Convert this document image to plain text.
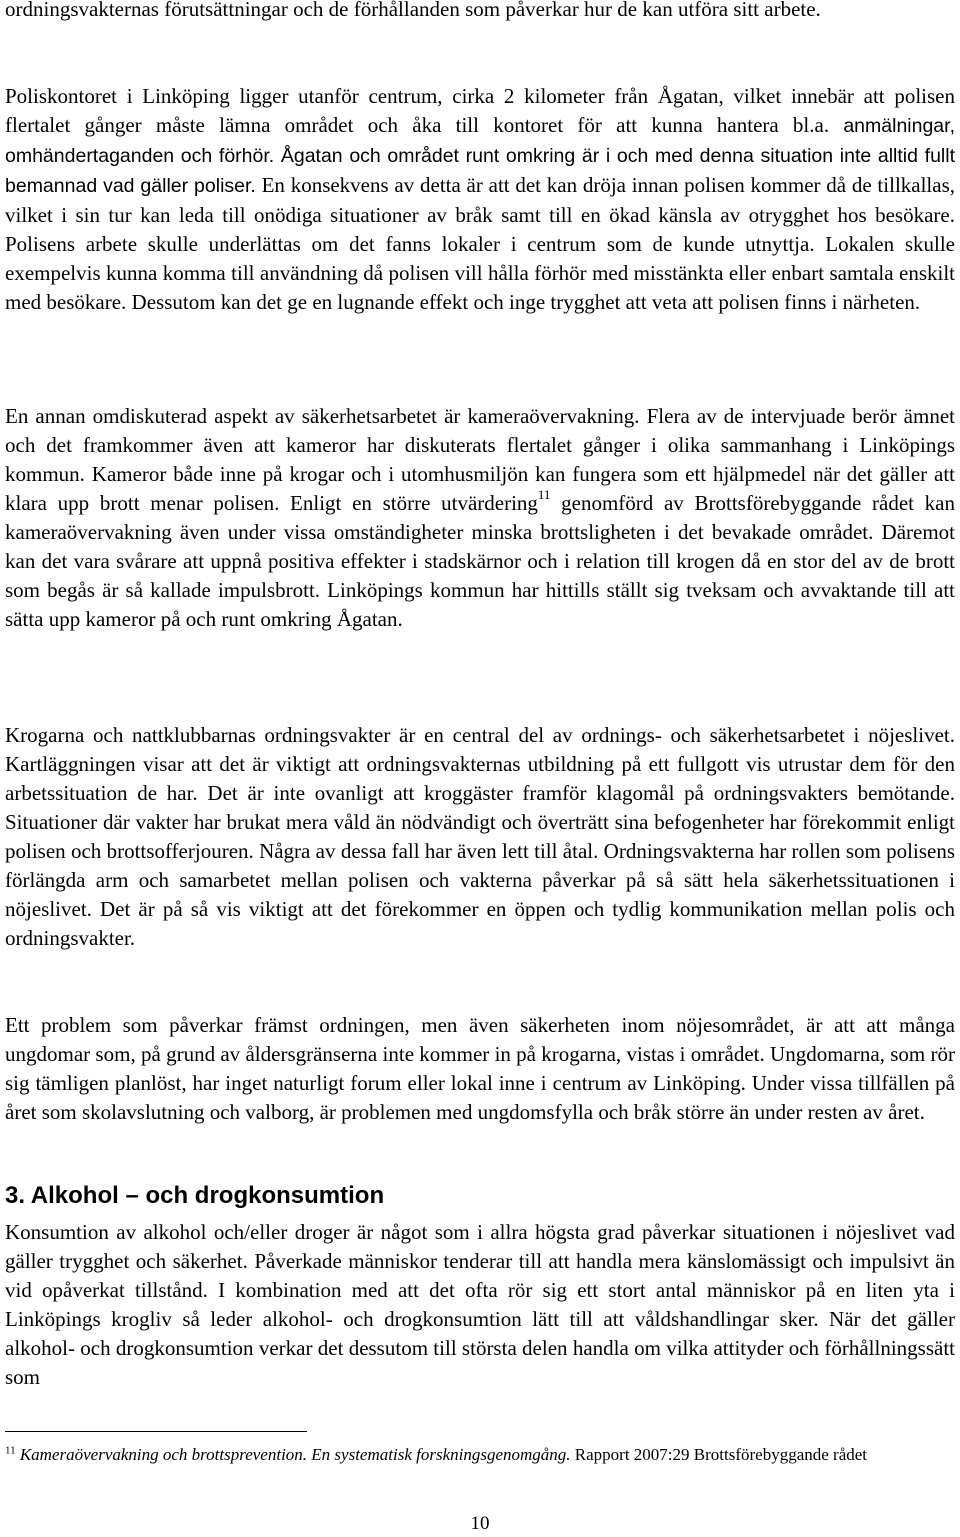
ordningsvakternas förutsättningar och de förhållanden som påverkar hur de kan utföra sitt arbete.

Poliskontoret i Linköping ligger utanför centrum, cirka 2 kilometer från Ågatan, vilket innebär att polisen flertalet gånger måste lämna området och åka till kontoret för att kunna hantera bl.a. anmälningar, omhändertaganden och förhör. Ågatan och området runt omkring är i och med denna situation inte alltid fullt bemannad vad gäller poliser. En konsekvens av detta är att det kan dröja innan polisen kommer då de tillkallas, vilket i sin tur kan leda till onödiga situationer av bråk samt till en ökad känsla av otrygghet hos besökare. Polisens arbete skulle underlättas om det fanns lokaler i centrum som de kunde utnyttja. Lokalen skulle exempelvis kunna komma till användning då polisen vill hålla förhör med misstänkta eller enbart samtala enskilt med besökare. Dessutom kan det ge en lugnande effekt och inge trygghet att veta att polisen finns i närheten.

En annan omdiskuterad aspekt av säkerhetsarbetet är kameraövervakning. Flera av de intervjuade berör ämnet och det framkommer även att kameror har diskuterats flertalet gånger i olika sammanhang i Linköpings kommun. Kameror både inne på krogar och i utomhusmiljön kan fungera som ett hjälpmedel när det gäller att klara upp brott menar polisen. Enligt en större utvärdering$^{11}$ genomförd av Brottsförebyggande rådet kan kameraövervakning även under vissa omständigheter minska brottsligheten i det bevakade området. Däremot kan det vara svårare att uppnå positiva effekter i stadskärnor och i relation till krogen då en stor del av de brott som begås är så kallade impulsbrott. Linköpings kommun har hittills ställt sig tveksam och avvaktande till att sätta upp kameror på och runt omkring Ågatan.

Krogarna och nattklubbarnas ordningsvakter är en central del av ordnings- och säkerhetsarbetet i nöjeslivet. Kartläggningen visar att det är viktigt att ordningsvakternas utbildning på ett fullgott vis utrustar dem för den arbetssituation de har. Det är inte ovanligt att kroggäster framför klagomål på ordningsvakters bemötande. Situationer där vakter har brukat mera våld än nödvändigt och överträtt sina befogenheter har förekommit enligt polisen och brottsofferjouren. Några av dessa fall har även lett till åtal. Ordningsvakterna har rollen som polisens förlängda arm och samarbetet mellan polisen och vakterna påverkar på så sätt hela säkerhetssituationen i nöjeslivet. Det är på så vis viktigt att det förekommer en öppen och tydlig kommunikation mellan polis och ordningsvakter.

Ett problem som påverkar främst ordningen, men även säkerheten inom nöjesområdet, är att att många ungdomar som, på grund av åldersgränserna inte kommer in på krogarna, vistas i området. Ungdomarna, som rör sig tämligen planlöst, har inget naturligt forum eller lokal inne i centrum av Linköping. Under vissa tillfällen på året som skolavslutning och valborg, är problemen med ungdomsfylla och bråk större än under resten av året.

3. Alkohol – och drogkonsumtion

Konsumtion av alkohol och/eller droger är något som i allra högsta grad påverkar situationen i nöjeslivet vad gäller trygghet och säkerhet. Påverkade människor tenderar till att handla mera känslomässigt och impulsivt än vid opåverkat tillstånd. I kombination med att det ofta rör sig ett stort antal människor på en liten yta i Linköpings krogliv så leder alkohol- och drogkonsumtion lätt till att våldshandlingar sker. När det gäller alkohol- och drogkonsumtion verkar det dessutom till största delen handla om vilka attityder och förhållningssätt som

$^{11}$ Kameraövervakning och brottsprevention. En systematisk forskningsgenomgång. Rapport 2007:29 Brottsförebyggande rådet
10
